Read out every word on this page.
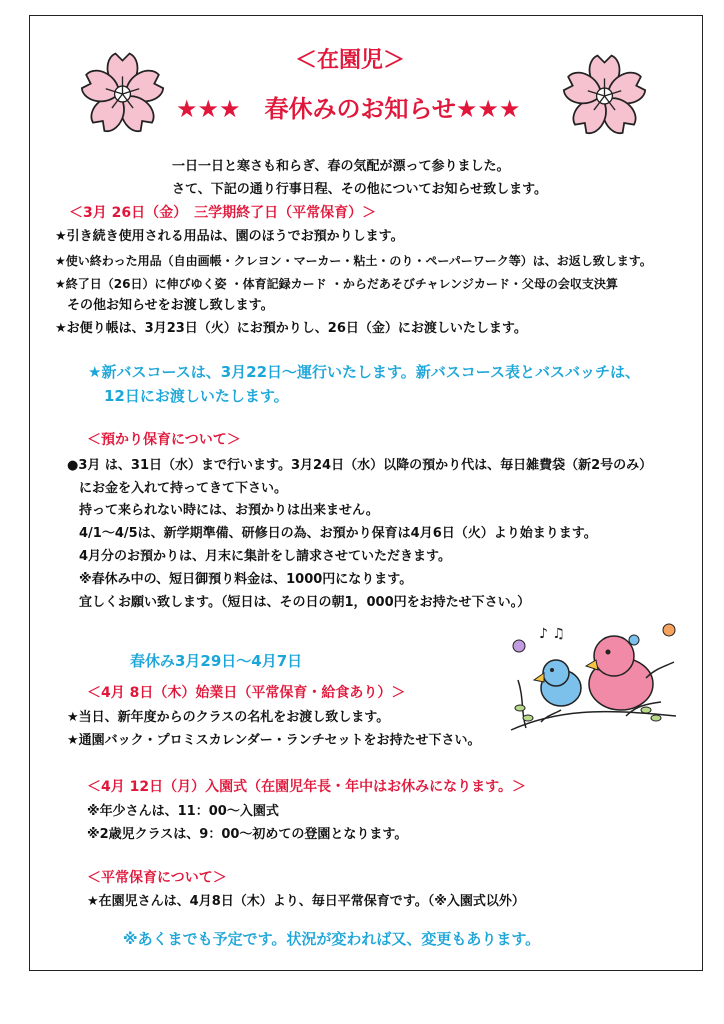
♪ ♫
＜在園児＞
★★★　春休みのお知らせ★★★
一日一日と寒さも和らぎ、春の気配が漂って参りました。
さて、下記の通り行事日程、その他についてお知らせ致します。
＜3月 26日（金）　三学期終了日（平常保育）＞
★引き続き使用される用品は、園のほうでお預かりします。
★使い終わった用品（自由画帳・クレヨン・マーカー・粘土・のり・ペーパーワーク等）は、お返し致します。
★終了日（26日）に伸びゆく姿 ・体育記録カード ・からだあそびチャレンジカード・父母の会収支決算
その他お知らせをお渡し致します。
★お便り帳は、3月23日（火）にお預かりし、26日（金）にお渡しいたします。
★新バスコースは、3月22日～運行いたします。新バスコース表とバスバッチは、
12日にお渡しいたします。
＜預かり保育について＞
●3月 は、31日（水）まで行います。3月24日（水）以降の預かり代は、毎日雑費袋（新2号のみ）
にお金を入れて持ってきて下さい。
持って来られない時には、お預かりは出来ません。
4/1～4/5は、新学期準備、研修日の為、お預かり保育は4月6日（火）より始まります。
4月分のお預かりは、月末に集計をし請求させていただきます。
※春休み中の、短日御預り料金は、1000円になります。
宜しくお願い致します。（短日は、その日の朝1，000円をお持たせ下さい。）
春休み3月29日～4月7日
＜4月 8日（木）始業日（平常保育・給食あり）＞
★当日、新年度からのクラスの名札をお渡し致します。
★通園バック・プロミスカレンダー・ランチセットをお持たせ下さい。
＜4月 12日（月）入園式（在園児年長・年中はお休みになります。＞
※年少さんは、11：00～入園式
※2歳児クラスは、9：00～初めての登園となります。
＜平常保育について＞
★在園児さんは、4月8日（木）より、毎日平常保育です。（※入園式以外）
※あくまでも予定です。状況が変われば又、変更もあります。
